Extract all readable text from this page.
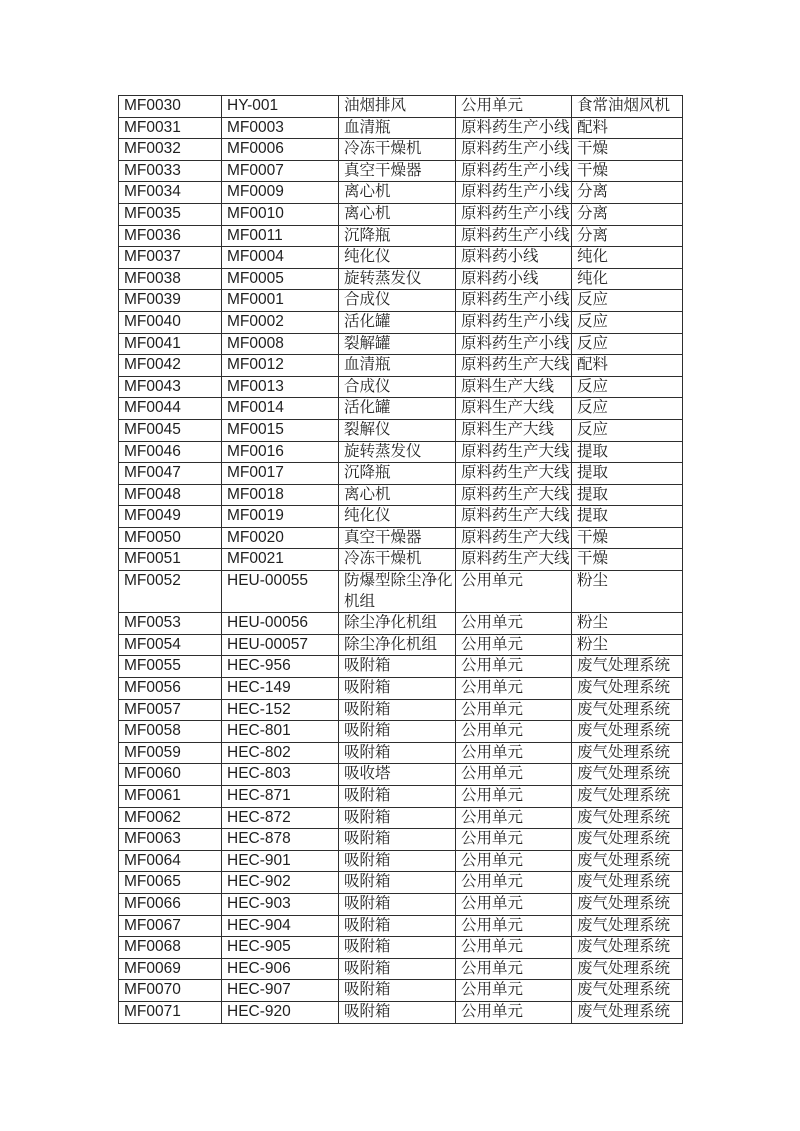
MF0030	HY-001	油烟排风	公用单元	食常油烟风机
MF0031	MF0003	血清瓶	原料药生产小线	配料
MF0032	MF0006	冷冻干燥机	原料药生产小线	干燥
MF0033	MF0007	真空干燥器	原料药生产小线	干燥
MF0034	MF0009	离心机	原料药生产小线	分离
MF0035	MF0010	离心机	原料药生产小线	分离
MF0036	MF0011	沉降瓶	原料药生产小线	分离
MF0037	MF0004	纯化仪	原料药小线	纯化
MF0038	MF0005	旋转蒸发仪	原料药小线	纯化
MF0039	MF0001	合成仪	原料药生产小线	反应
MF0040	MF0002	活化罐	原料药生产小线	反应
MF0041	MF0008	裂解罐	原料药生产小线	反应
MF0042	MF0012	血清瓶	原料药生产大线	配料
MF0043	MF0013	合成仪	原料生产大线	反应
MF0044	MF0014	活化罐	原料生产大线	反应
MF0045	MF0015	裂解仪	原料生产大线	反应
MF0046	MF0016	旋转蒸发仪	原料药生产大线	提取
MF0047	MF0017	沉降瓶	原料药生产大线	提取
MF0048	MF0018	离心机	原料药生产大线	提取
MF0049	MF0019	纯化仪	原料药生产大线	提取
MF0050	MF0020	真空干燥器	原料药生产大线	干燥
MF0051	MF0021	冷冻干燥机	原料药生产大线	干燥
MF0052	HEU-00055	防爆型除尘净化机组	公用单元	粉尘
MF0053	HEU-00056	除尘净化机组	公用单元	粉尘
MF0054	HEU-00057	除尘净化机组	公用单元	粉尘
MF0055	HEC-956	吸附箱	公用单元	废气处理系统
MF0056	HEC-149	吸附箱	公用单元	废气处理系统
MF0057	HEC-152	吸附箱	公用单元	废气处理系统
MF0058	HEC-801	吸附箱	公用单元	废气处理系统
MF0059	HEC-802	吸附箱	公用单元	废气处理系统
MF0060	HEC-803	吸收塔	公用单元	废气处理系统
MF0061	HEC-871	吸附箱	公用单元	废气处理系统
MF0062	HEC-872	吸附箱	公用单元	废气处理系统
MF0063	HEC-878	吸附箱	公用单元	废气处理系统
MF0064	HEC-901	吸附箱	公用单元	废气处理系统
MF0065	HEC-902	吸附箱	公用单元	废气处理系统
MF0066	HEC-903	吸附箱	公用单元	废气处理系统
MF0067	HEC-904	吸附箱	公用单元	废气处理系统
MF0068	HEC-905	吸附箱	公用单元	废气处理系统
MF0069	HEC-906	吸附箱	公用单元	废气处理系统
MF0070	HEC-907	吸附箱	公用单元	废气处理系统
MF0071	HEC-920	吸附箱	公用单元	废气处理系统
